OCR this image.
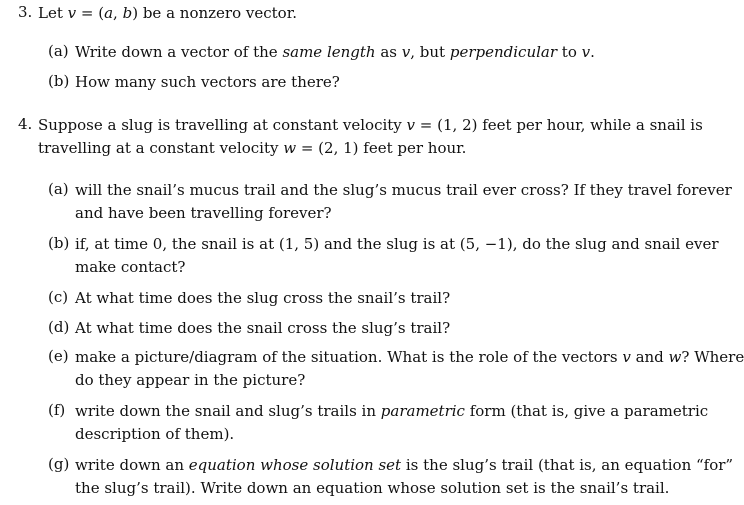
3. Let v = (a, b) be a nonzero vector.
(a) Write down a vector of the same length as v, but perpendicular to v.
(b) How many such vectors are there?
4. Suppose a slug is travelling at constant velocity v = (1, 2) feet per hour, while a snail is
travelling at a constant velocity w = (2, 1) feet per hour.
(a) will the snail’s mucus trail and the slug’s mucus trail ever cross? If they travel forever
and have been travelling forever?
(b) if, at time 0, the snail is at (1, 5) and the slug is at (5, −1), do the slug and snail ever
make contact?
(c) At what time does the slug cross the snail’s trail?
(d) At what time does the snail cross the slug’s trail?
(e) make a picture/diagram of the situation. What is the role of the vectors v and w? Where
do they appear in the picture?
(f) write down the snail and slug’s trails in parametric form (that is, give a parametric
description of them).
(g) write down an equation whose solution set is the slug’s trail (that is, an equation “for”
the slug’s trail). Write down an equation whose solution set is the snail’s trail.
